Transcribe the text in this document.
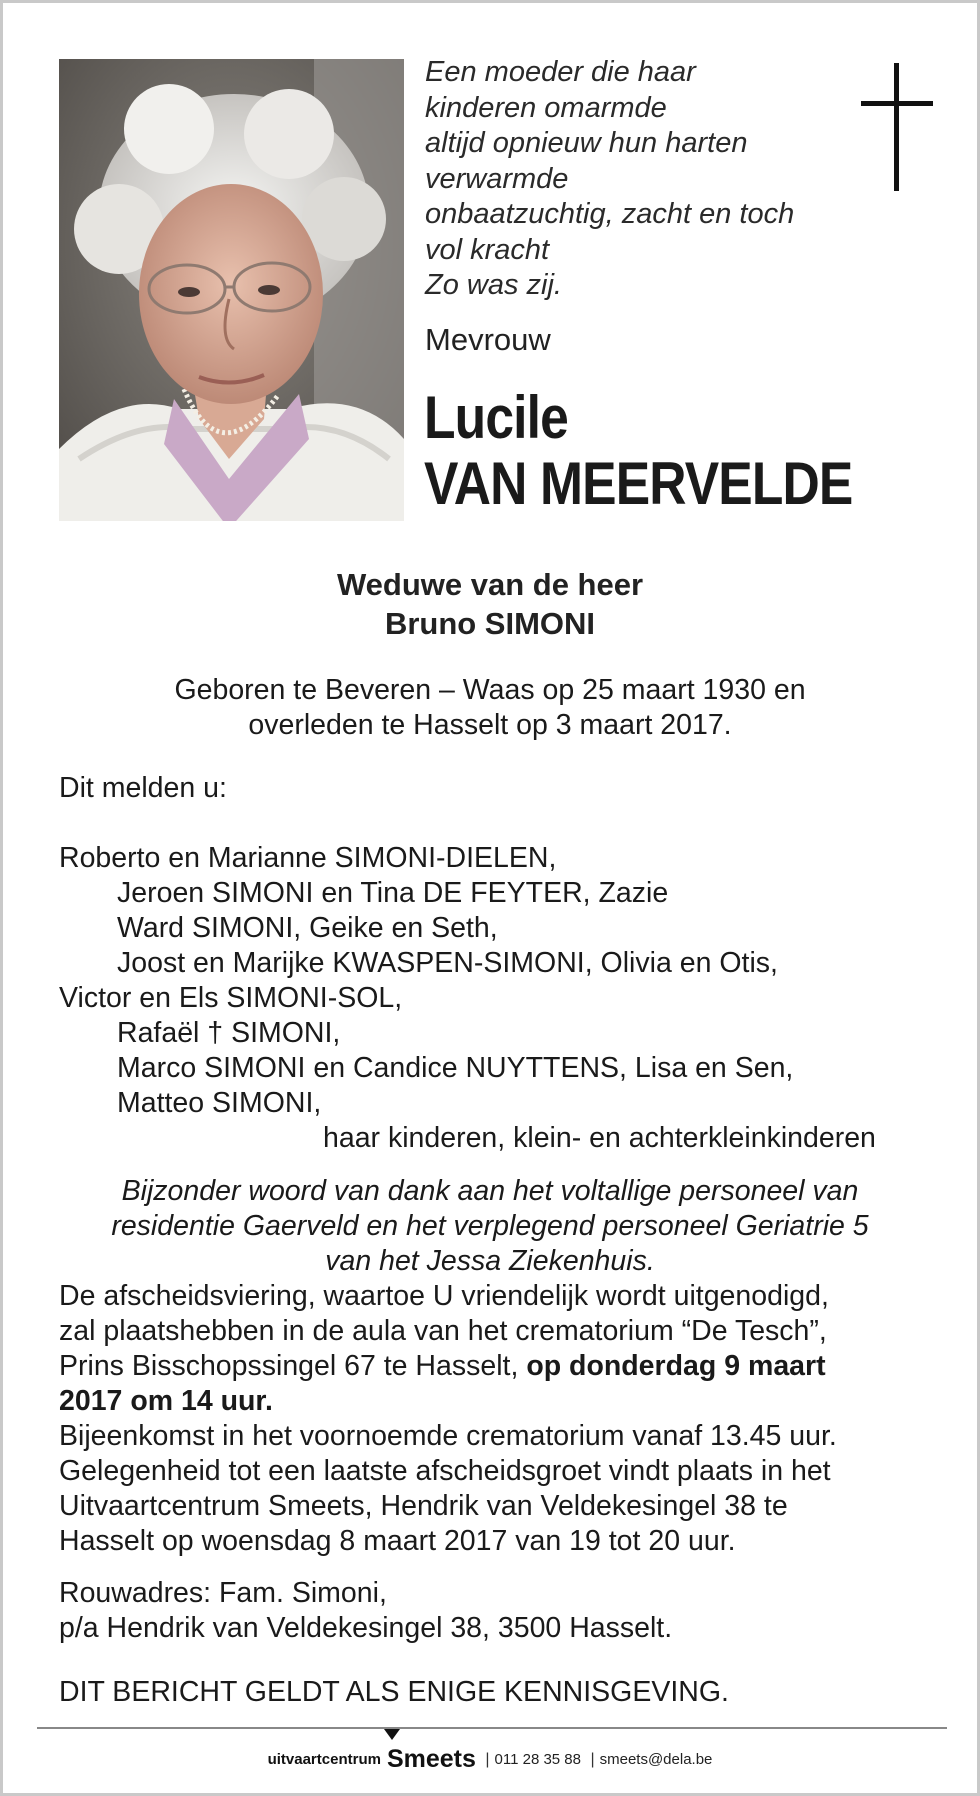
Een moeder die haar
kinderen omarmde
altijd opnieuw hun harten
verwarmde
onbaatzuchtig, zacht en toch
vol kracht
Zo was zij.
Mevrouw
Lucile
VAN MEERVELDE
Weduwe van de heer
Bruno SIMONI
Geboren te Beveren – Waas op 25 maart 1930 en
overleden te Hasselt op 3 maart 2017.
Dit melden u:
Roberto en Marianne SIMONI-DIELEN,
Jeroen SIMONI en Tina DE FEYTER, Zazie
Ward SIMONI, Geike en Seth,
Joost en Marijke KWASPEN-SIMONI, Olivia en Otis,
Victor en Els SIMONI-SOL,
Rafaël † SIMONI,
Marco SIMONI en Candice NUYTTENS, Lisa en Sen,
Matteo SIMONI,
haar kinderen, klein- en achterkleinkinderen
Bijzonder woord van dank aan het voltallige personeel van
residentie Gaerveld en het verplegend personeel Geriatrie 5
van het Jessa Ziekenhuis.
De afscheidsviering, waartoe U vriendelijk wordt uitgenodigd,
zal plaatshebben in de aula van het crematorium “De Tesch”,
Prins Bisschopssingel 67 te Hasselt, op donderdag 9 maart
2017 om 14 uur.
Bijeenkomst in het voornoemde crematorium vanaf 13.45 uur.
Gelegenheid tot een laatste afscheidsgroet vindt plaats in het
Uitvaartcentrum Smeets, Hendrik van Veldekesingel 38 te
Hasselt op woensdag 8 maart 2017 van 19 tot 20 uur.
Rouwadres: Fam. Simoni,
p/a Hendrik van Veldekesingel 38, 3500 Hasselt.
DIT BERICHT GELDT ALS ENIGE KENNISGEVING.
uitvaartcentrum Smeets | 011 28 35 88 | smeets@dela.be
